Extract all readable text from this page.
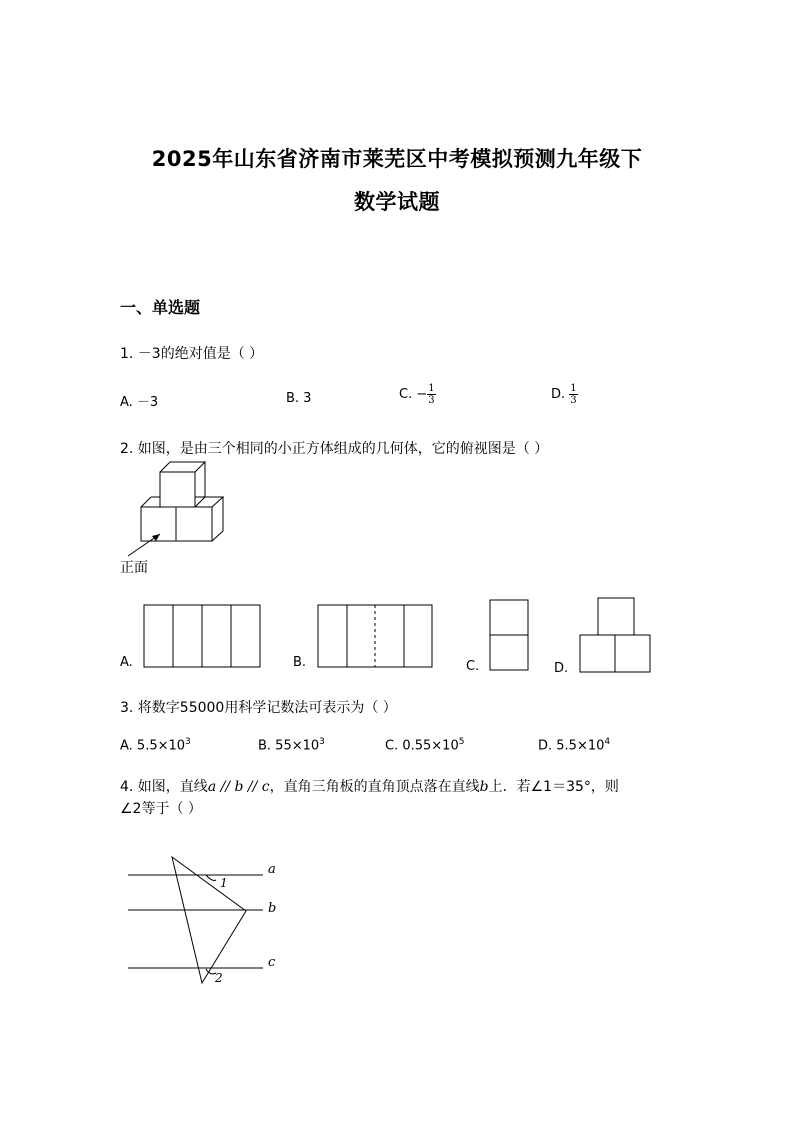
2025年山东省济南市莱芜区中考模拟预测九年级下
数学试题
一、单选题
1. －3的绝对值是（ ）
A. －3	B. 3	C. − $\frac{1}{3}$	D. $\frac{1}{3}$
2. 如图，是由三个相同的小正方体组成的几何体，它的俯视图是（ ）
正面
A.	B.	C.	D.
3. 将数字55000用科学记数法可表示为（ ）
A. $5.5\times 10^3$	B. $55\times 10^3$	C. $0.55\times 10^5$	D. $5.5\times 10^4$
4. 如图，直线a // b // c，直角三角板的直角顶点落在直线b上．若∠1＝35°，则
∠2等于（ ）
a
b
c
1
2
